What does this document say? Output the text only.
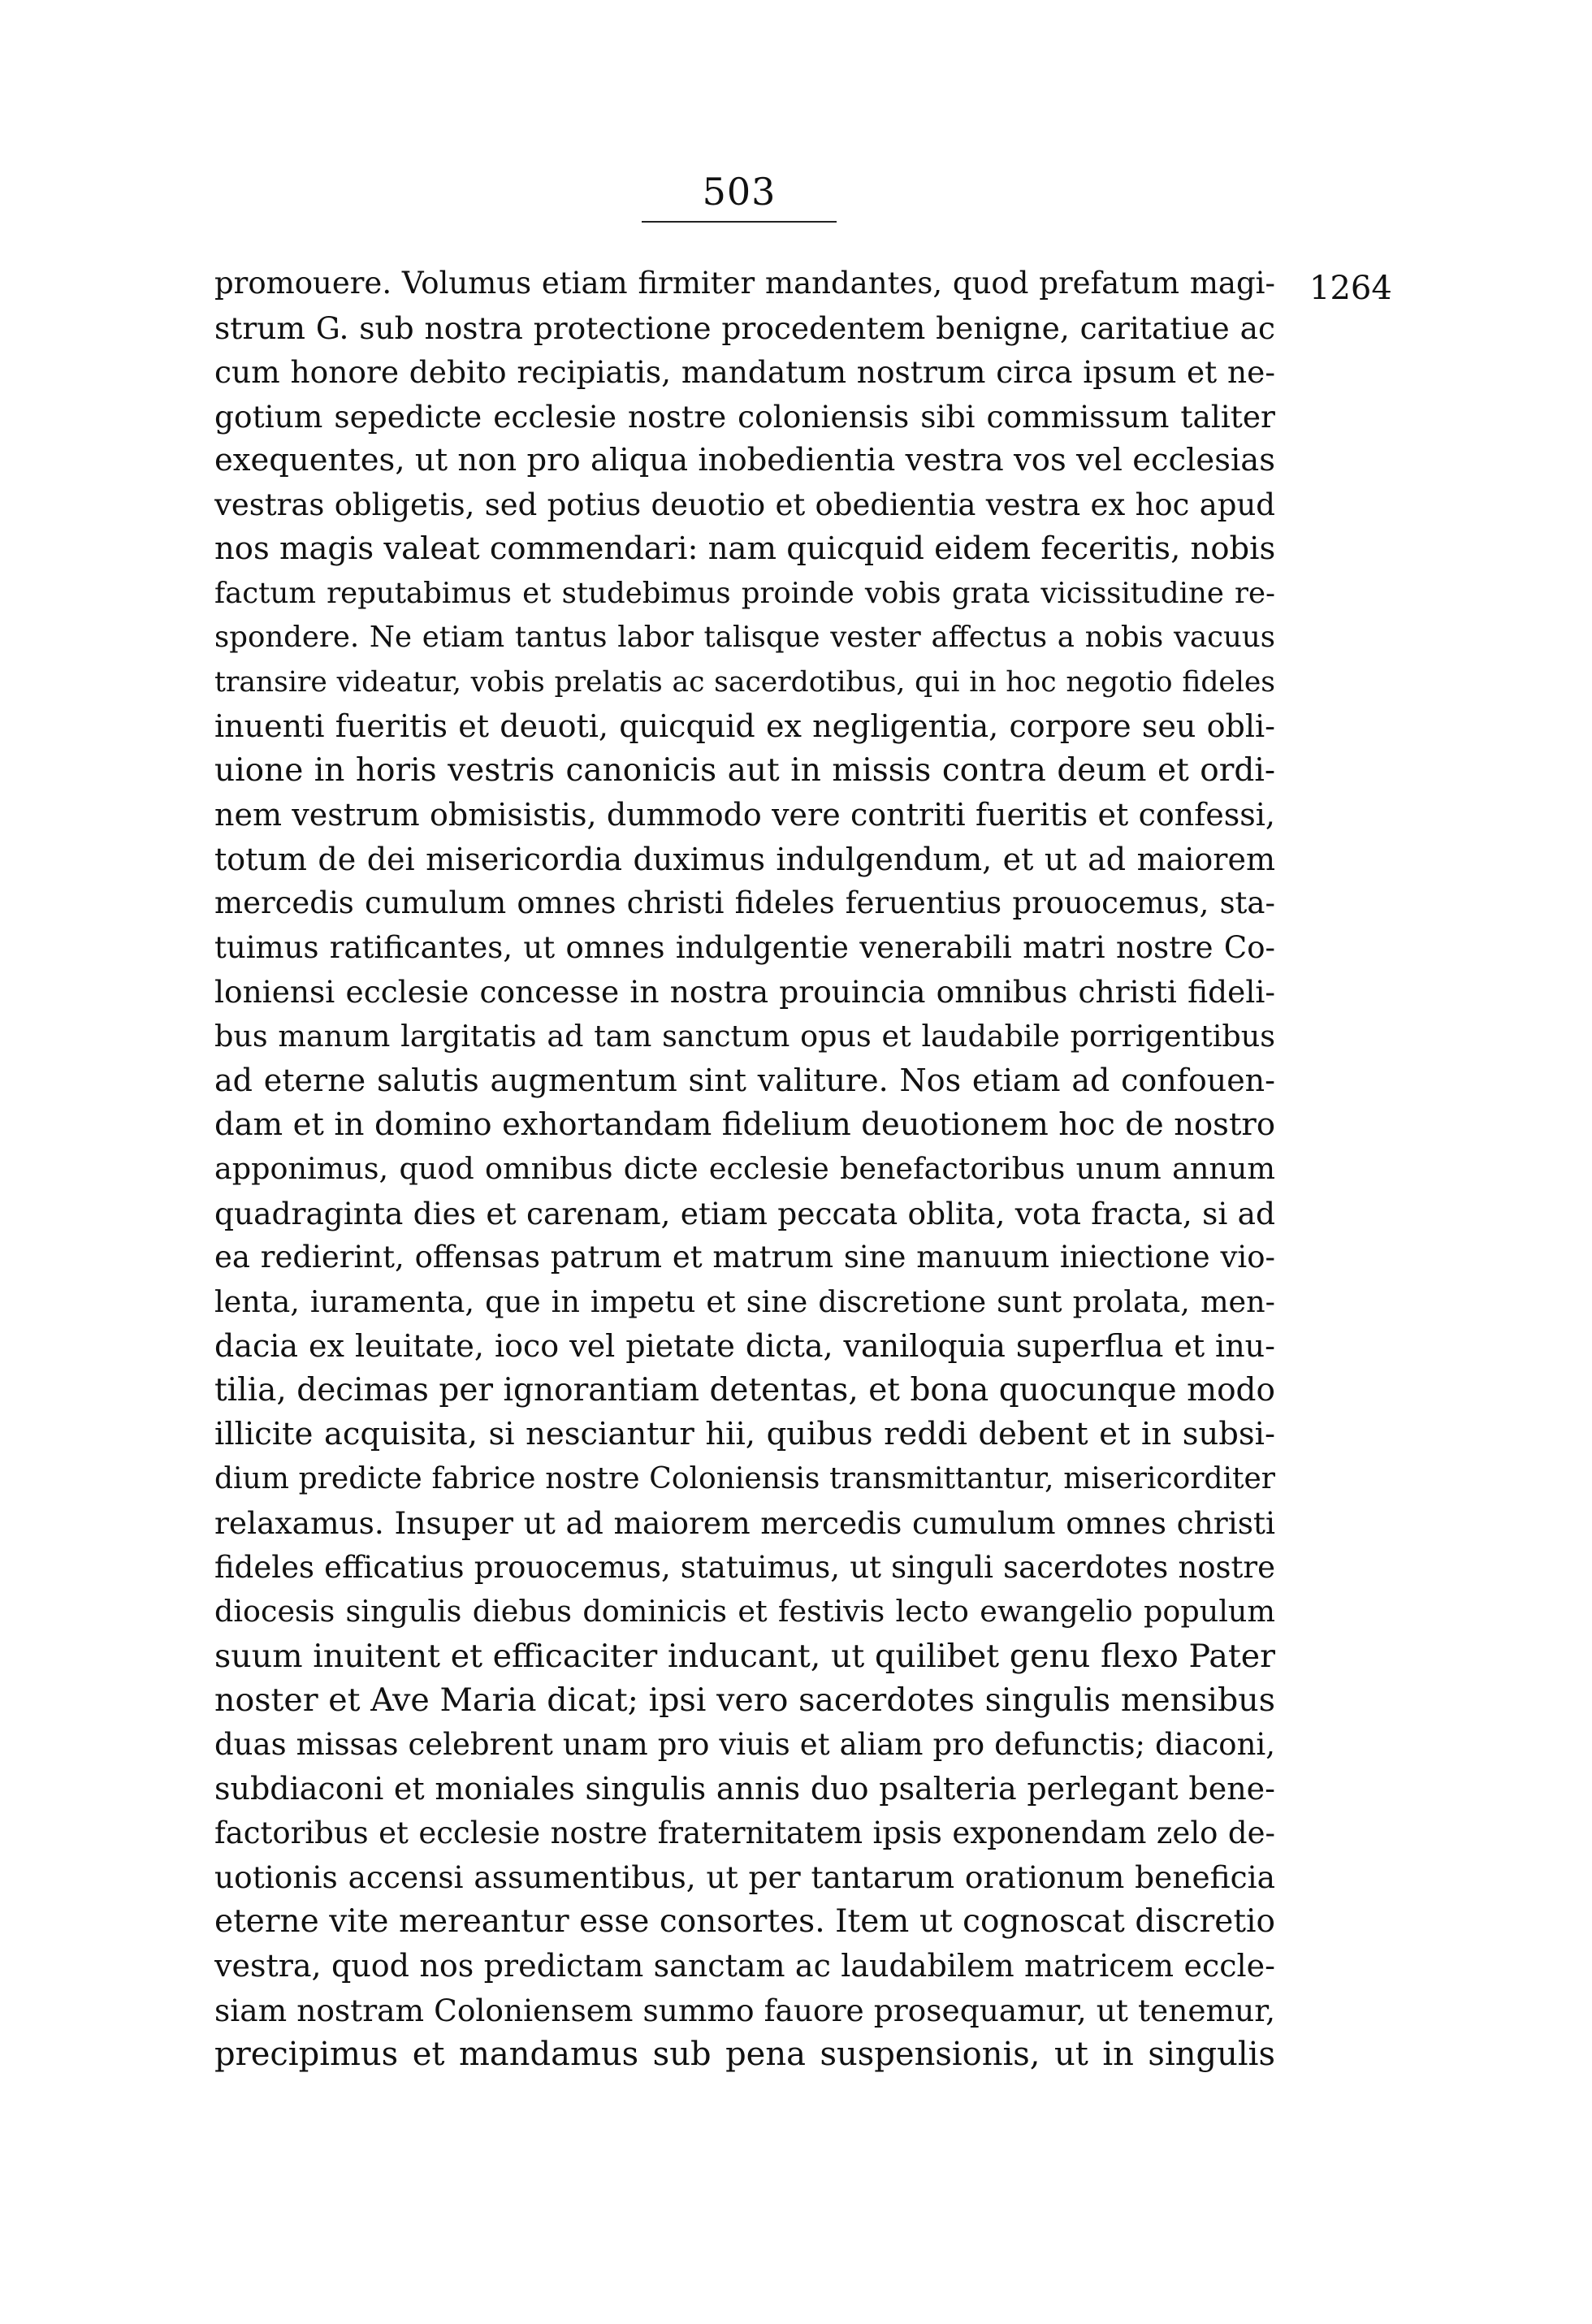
503
1264
promouere. Volumus etiam firmiter mandantes, quod prefatum magi-
strum G. sub nostra protectione procedentem benigne, caritatiue ac
cum honore debito recipiatis, mandatum nostrum circa ipsum et ne-
gotium sepedicte ecclesie nostre coloniensis sibi commissum taliter
exequentes, ut non pro aliqua inobedientia vestra vos vel ecclesias
vestras obligetis, sed potius deuotio et obedientia vestra ex hoc apud
nos magis valeat commendari: nam quicquid eidem feceritis, nobis
factum reputabimus et studebimus proinde vobis grata vicissitudine re-
spondere. Ne etiam tantus labor talisque vester affectus a nobis vacuus
transire videatur, vobis prelatis ac sacerdotibus, qui in hoc negotio fideles
inuenti fueritis et deuoti, quicquid ex negligentia, corpore seu obli-
uione in horis vestris canonicis aut in missis contra deum et ordi-
nem vestrum obmisistis, dummodo vere contriti fueritis et confessi,
totum de dei misericordia duximus indulgendum, et ut ad maiorem
mercedis cumulum omnes christi fideles feruentius prouocemus, sta-
tuimus ratificantes, ut omnes indulgentie venerabili matri nostre Co-
loniensi ecclesie concesse in nostra prouincia omnibus christi fideli-
bus manum largitatis ad tam sanctum opus et laudabile porrigentibus
ad eterne salutis augmentum sint valiture. Nos etiam ad confouen-
dam et in domino exhortandam fidelium deuotionem hoc de nostro
apponimus, quod omnibus dicte ecclesie benefactoribus unum annum
quadraginta dies et carenam, etiam peccata oblita, vota fracta, si ad
ea redierint, offensas patrum et matrum sine manuum iniectione vio-
lenta, iuramenta, que in impetu et sine discretione sunt prolata, men-
dacia ex leuitate, ioco vel pietate dicta, vaniloquia superflua et inu-
tilia, decimas per ignorantiam detentas, et bona quocunque modo
illicite acquisita, si nesciantur hii, quibus reddi debent et in subsi-
dium predicte fabrice nostre Coloniensis transmittantur, misericorditer
relaxamus. Insuper ut ad maiorem mercedis cumulum omnes christi
fideles efficatius prouocemus, statuimus, ut singuli sacerdotes nostre
diocesis singulis diebus dominicis et festivis lecto ewangelio populum
suum inuitent et efficaciter inducant, ut quilibet genu flexo Pater
noster et Ave Maria dicat; ipsi vero sacerdotes singulis mensibus
duas missas celebrent unam pro viuis et aliam pro defunctis; diaconi,
subdiaconi et moniales singulis annis duo psalteria perlegant bene-
factoribus et ecclesie nostre fraternitatem ipsis exponendam zelo de-
uotionis accensi assumentibus, ut per tantarum orationum beneficia
eterne vite mereantur esse consortes. Item ut cognoscat discretio
vestra, quod nos predictam sanctam ac laudabilem matricem eccle-
siam nostram Coloniensem summo fauore prosequamur, ut tenemur,
precipimus et mandamus sub pena suspensionis, ut in singulis
